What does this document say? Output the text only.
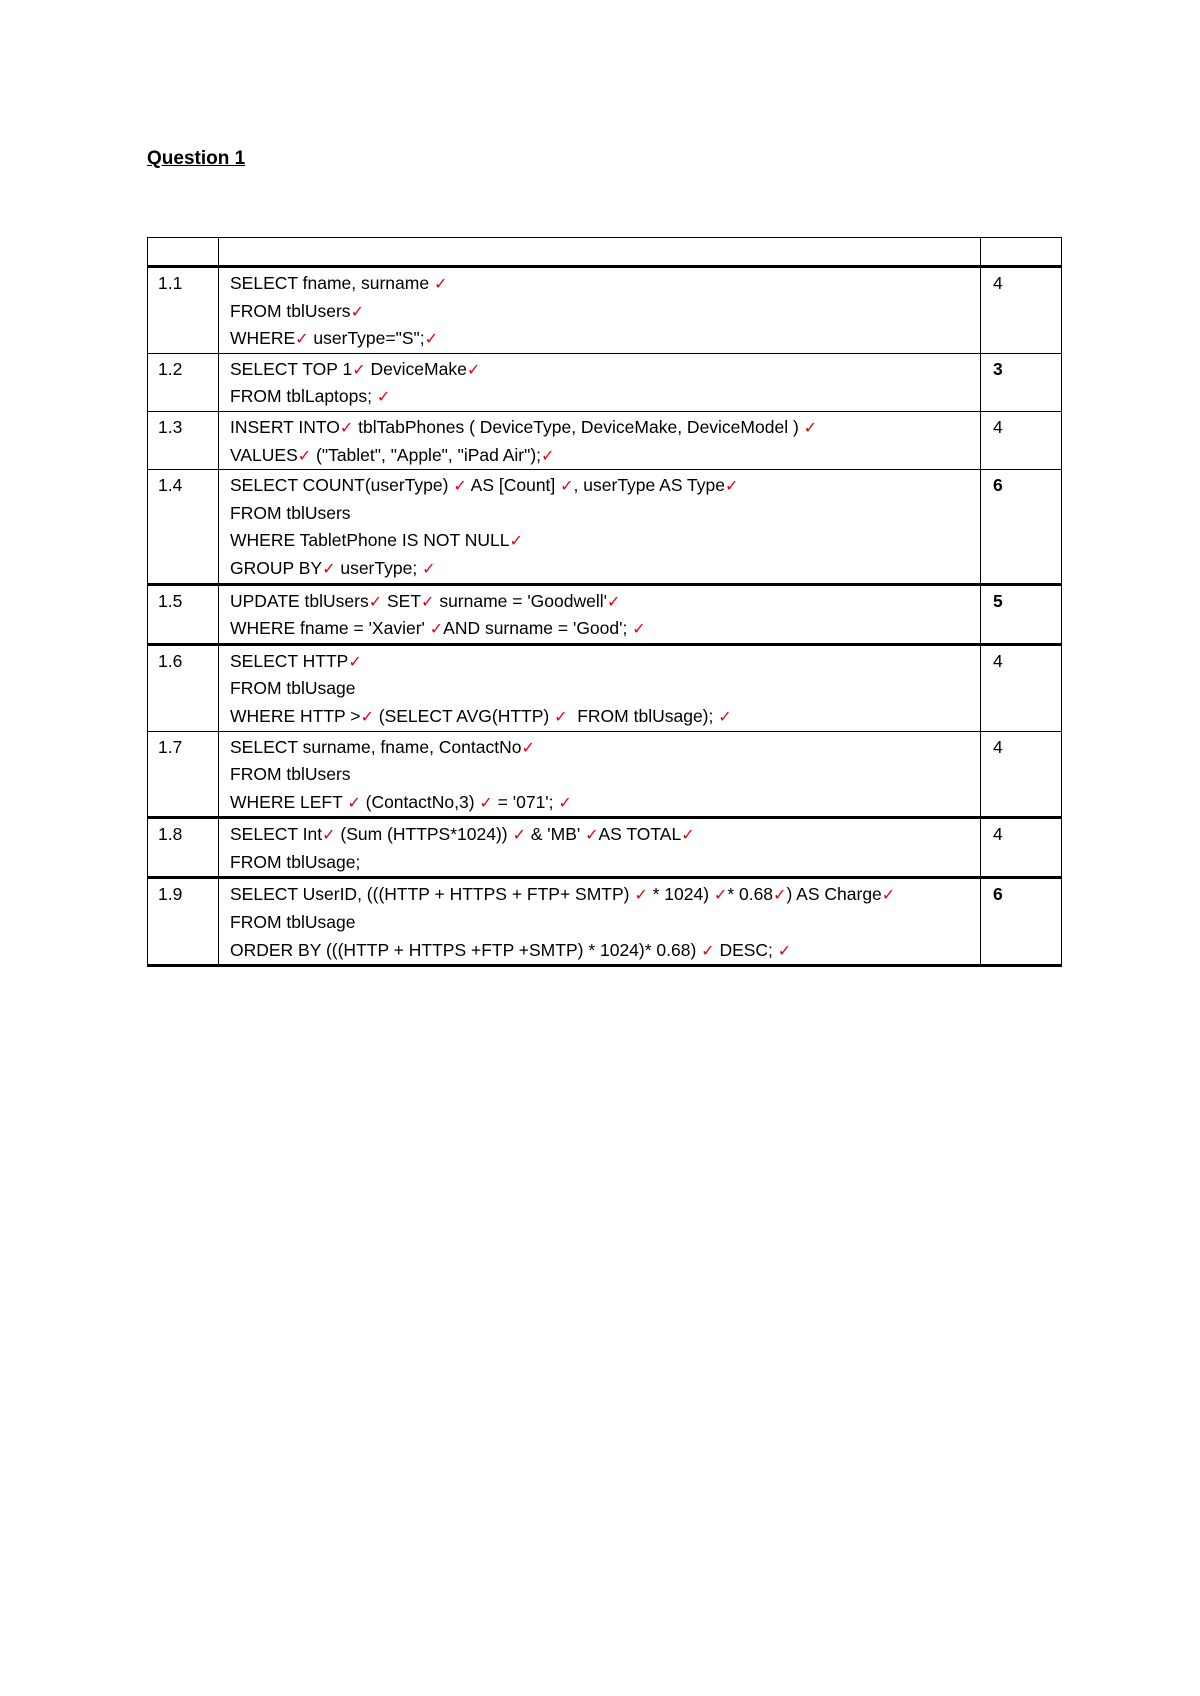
Question 1

1.1	SELECT fname, surname ✓
FROM tblUsers✓
WHERE✓ userType="S";✓	4
1.2	SELECT TOP 1✓ DeviceMake✓
FROM tblLaptops; ✓	3
1.3	INSERT INTO✓ tblTabPhones ( DeviceType, DeviceMake, DeviceModel ) ✓
VALUES✓ ("Tablet", "Apple", "iPad Air");✓	4
1.4	SELECT COUNT(userType) ✓ AS [Count] ✓, userType AS Type✓
FROM tblUsers
WHERE TabletPhone IS NOT NULL✓
GROUP BY✓ userType; ✓	6
1.5	UPDATE tblUsers✓ SET✓ surname = 'Goodwell'✓
WHERE fname = 'Xavier' ✓AND surname = 'Good'; ✓	5
1.6	SELECT HTTP✓
FROM tblUsage
WHERE HTTP >✓ (SELECT AVG(HTTP) ✓  FROM tblUsage); ✓	4
1.7	SELECT surname, fname, ContactNo✓
FROM tblUsers
WHERE LEFT ✓ (ContactNo,3) ✓ = '071'; ✓	4
1.8	SELECT Int✓ (Sum (HTTPS*1024)) ✓ & 'MB' ✓AS TOTAL✓
FROM tblUsage;	4
1.9	SELECT UserID, (((HTTP + HTTPS + FTP+ SMTP) ✓ * 1024) ✓* 0.68✓) AS Charge✓
FROM tblUsage
ORDER BY (((HTTP + HTTPS +FTP +SMTP) * 1024)* 0.68) ✓ DESC; ✓	6
